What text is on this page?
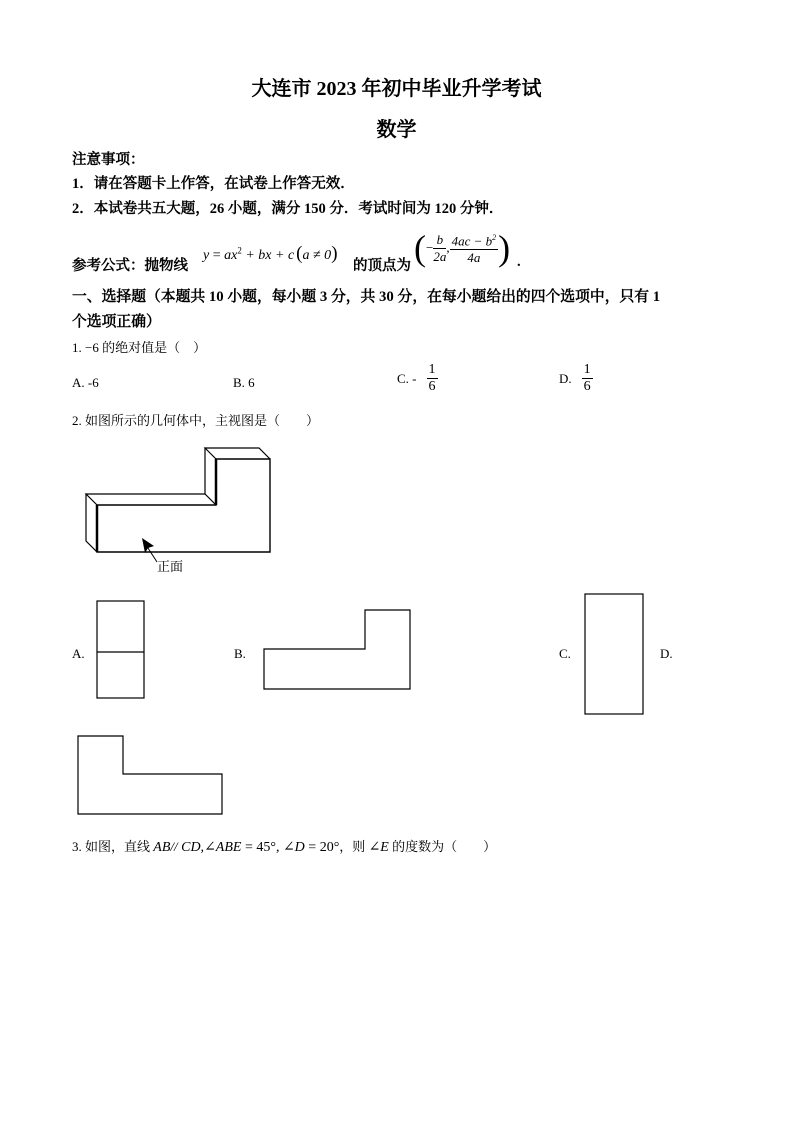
大连市 2023 年初中毕业升学考试
数学
注意事项：
1．请在答题卡上作答，在试卷上作答无效．
2．本试卷共五大题，26 小题，满分 150 分．考试时间为 120 分钟．
参考公式：抛物线
$y = ax^2$ + bx + c (a ≠ 0)
的顶点为 ( − $\frac{b}{2a}$ , $\frac{4ac - b^2}{4a}$ ) .
一、选择题（本题共 10 小题，每小题 3 分，共 30 分，在每小题给出的四个选项中，只有 1
个选项正确）
1. −6 的绝对值是（　）
A. -6	B. 6	C. - $\frac{1}{6}$	D. $\frac{1}{6}$
2. 如图所示的几何体中，主视图是（　　）
正面
A.	B.	C.	D.
3. 如图，直线 AB// CD,∠ABE = 45°, ∠D = 20°，则 ∠E 的度数为（　　）
